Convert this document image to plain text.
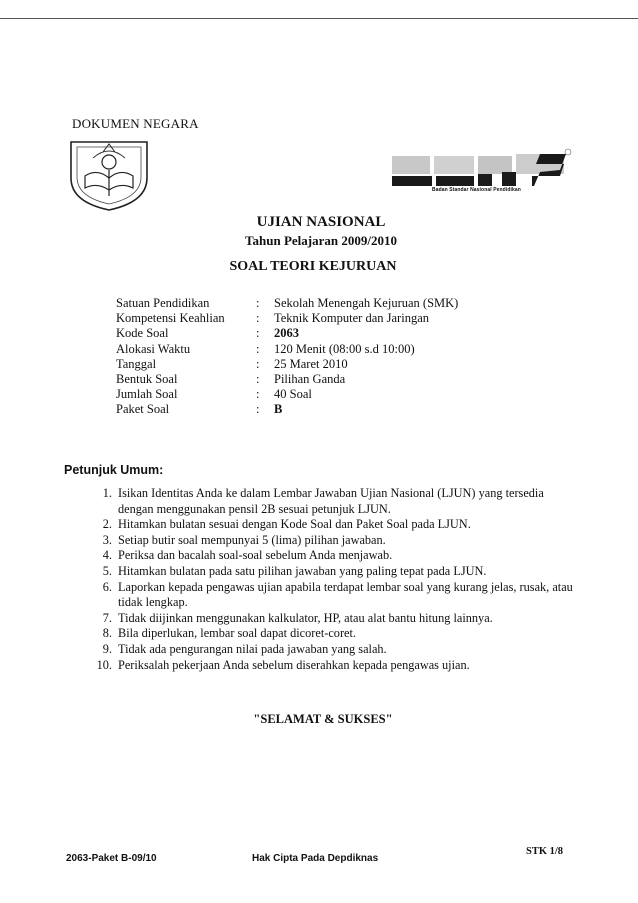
DOKUMEN NEGARA
Badan Standar Nasional Pendidikan
UJIAN NASIONAL
Tahun Pelajaran 2009/2010
SOAL TEORI KEJURUAN
Satuan Pendidikan	:	Sekolah Menengah Kejuruan (SMK)
Kompetensi Keahlian	:	Teknik Komputer dan Jaringan
Kode Soal	:	2063
Alokasi Waktu	:	120 Menit (08:00 s.d 10:00)
Tanggal	:	25 Maret 2010
Bentuk Soal	:	Pilihan Ganda
Jumlah Soal	:	40 Soal
Paket Soal	:	B
Petunjuk Umum:
1. Isikan Identitas Anda ke dalam Lembar Jawaban Ujian Nasional (LJUN) yang tersedia dengan menggunakan pensil 2B sesuai petunjuk LJUN.
2. Hitamkan bulatan sesuai dengan Kode Soal dan Paket Soal pada LJUN.
3. Setiap butir soal mempunyai 5 (lima) pilihan jawaban.
4. Periksa dan bacalah soal-soal sebelum Anda menjawab.
5. Hitamkan bulatan pada satu pilihan jawaban yang paling tepat pada LJUN.
6. Laporkan kepada pengawas ujian apabila terdapat lembar soal yang kurang jelas, rusak, atau tidak lengkap.
7. Tidak diijinkan menggunakan kalkulator, HP, atau alat bantu hitung lainnya.
8. Bila diperlukan, lembar soal dapat dicoret-coret.
9. Tidak ada pengurangan nilai pada jawaban yang salah.
10. Periksalah pekerjaan Anda sebelum diserahkan kepada pengawas ujian.
"SELAMAT & SUKSES"
2063-Paket B-09/10	Hak Cipta Pada Depdiknas
STK 1/8
